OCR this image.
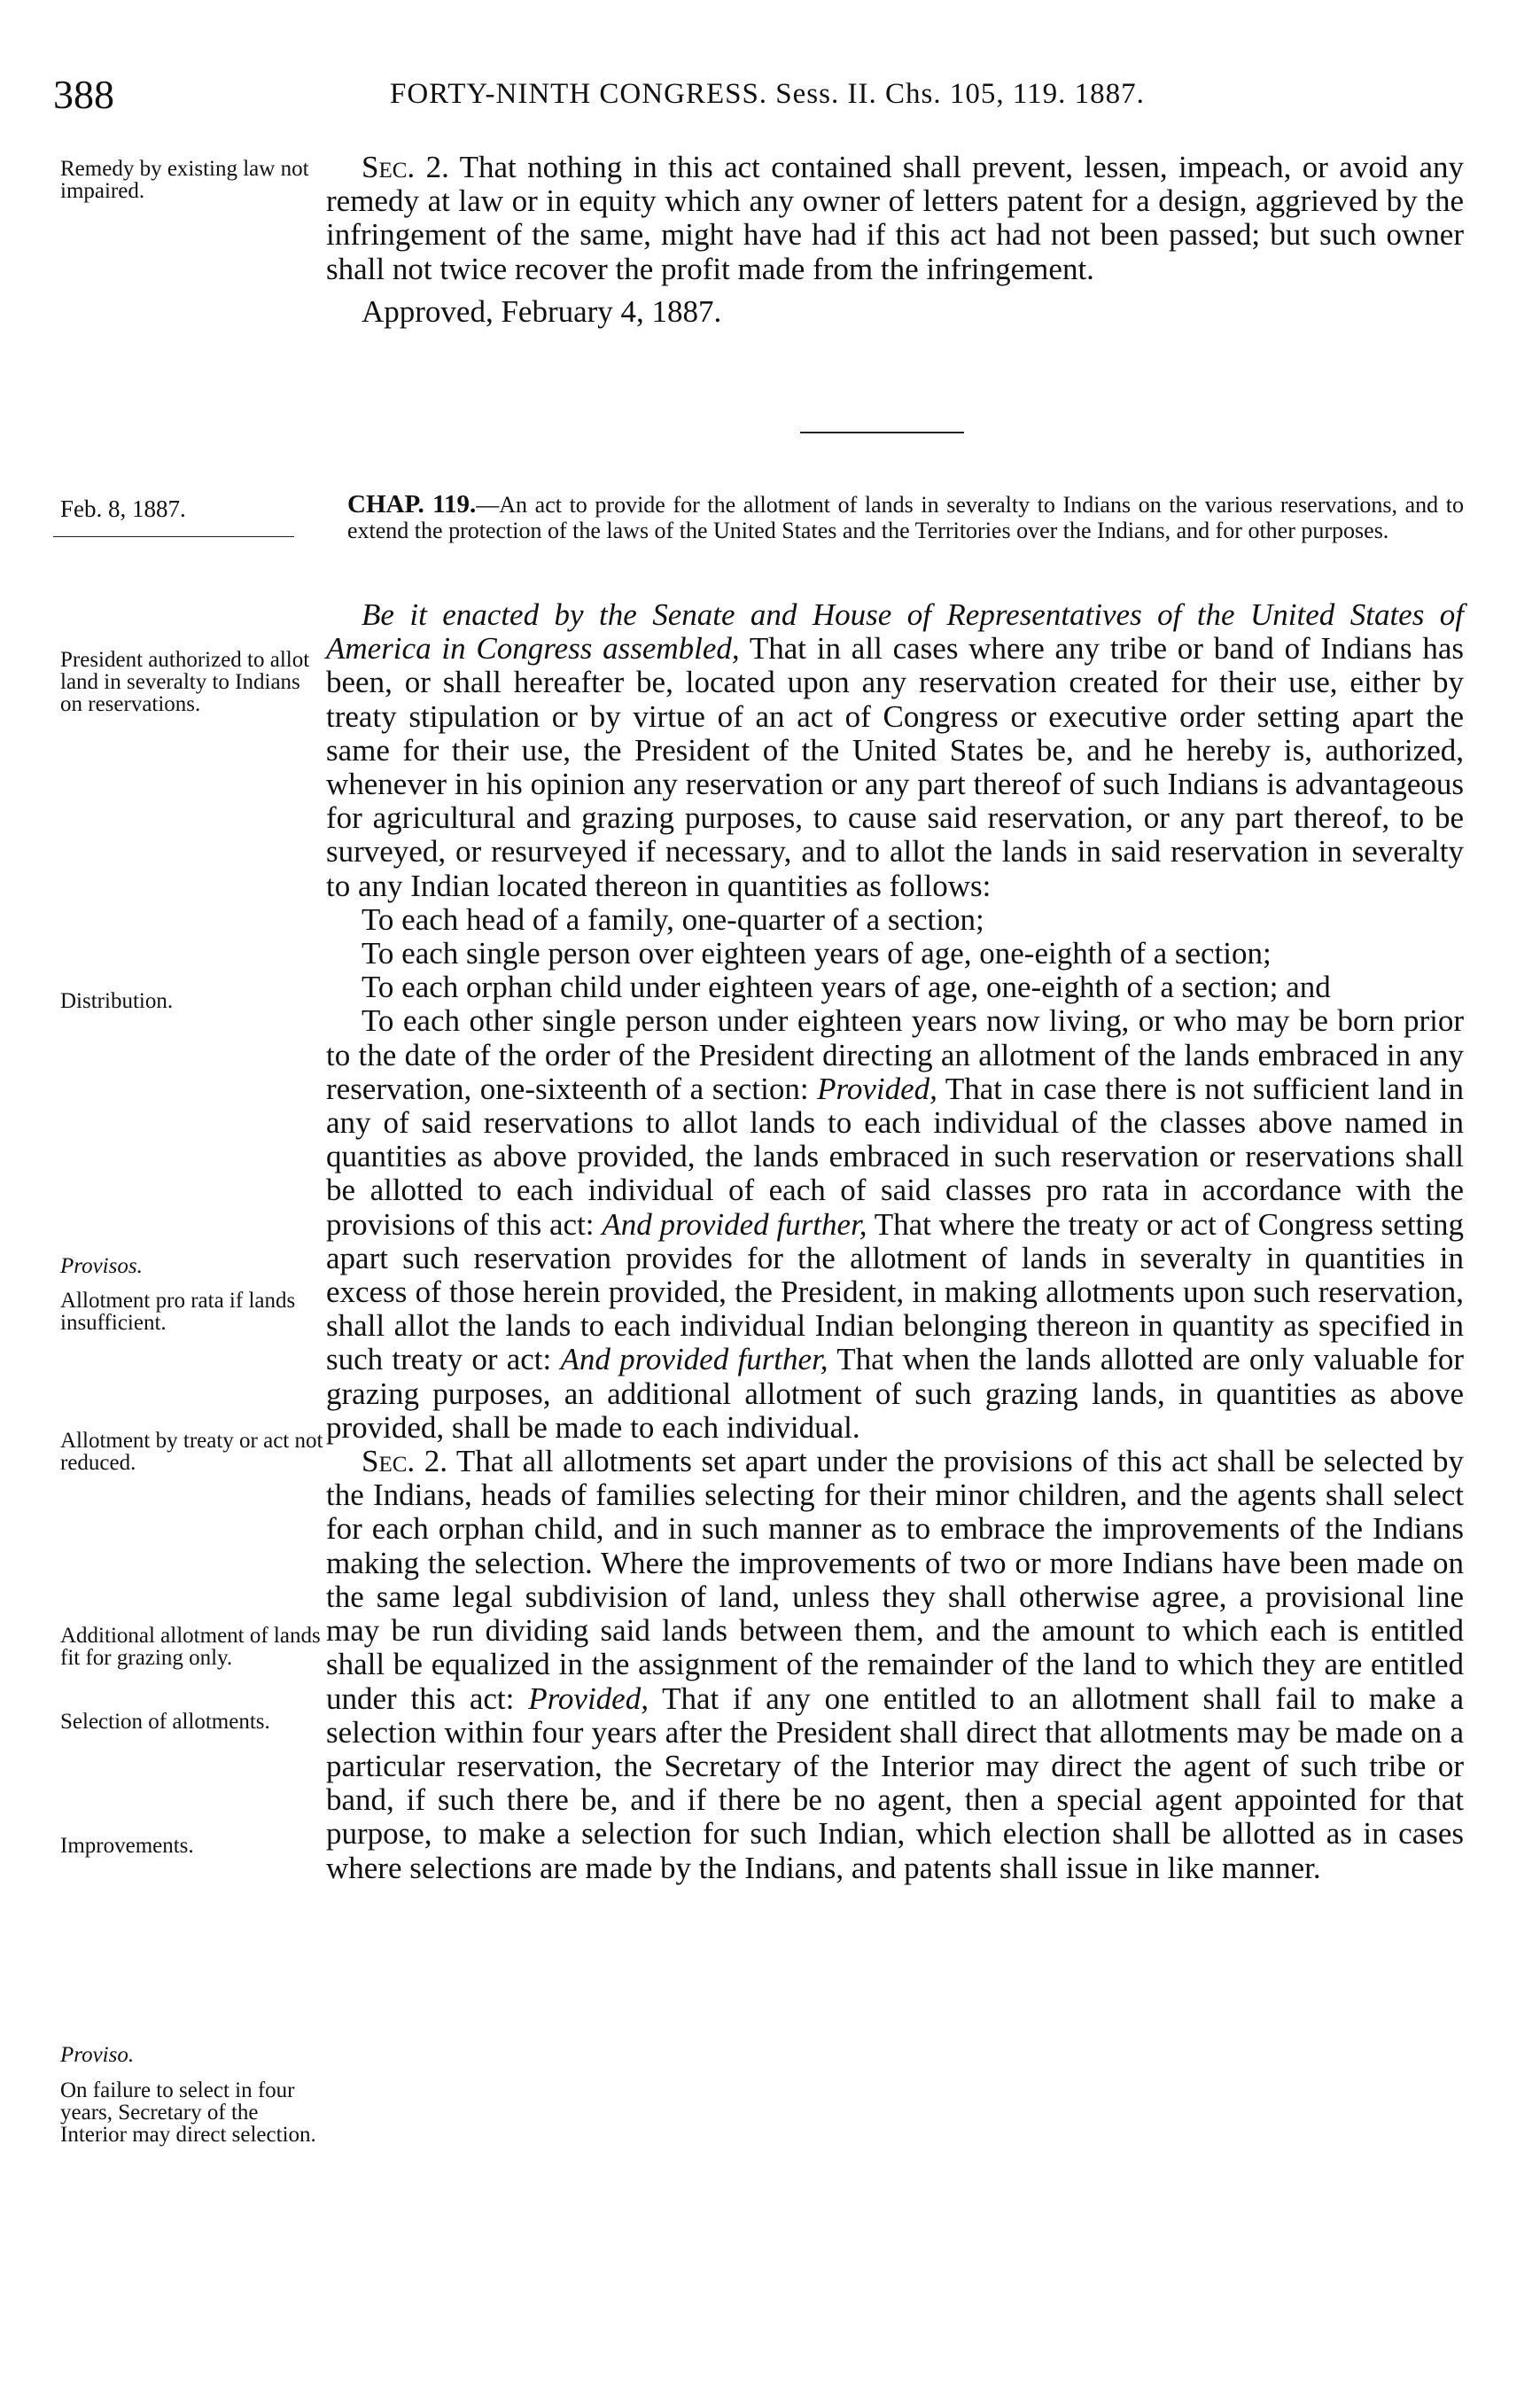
388	FORTY-NINTH CONGRESS. Sess. II. Chs. 105, 119. 1887.
Remedy by existing law not impaired.
Feb. 8, 1887.
President authorized to allot land in severalty to Indians on reservations.
Distribution.
Provisos.
Allotment pro rata if lands insufficient.
Allotment by treaty or act not reduced.
Additional allotment of lands fit for grazing only.
Selection of allotments.
Improvements.
Proviso.
On failure to select in four years, Secretary of the Interior may direct selection.

Sec. 2. That nothing in this act contained shall prevent, lessen, impeach, or avoid any remedy at law or in equity which any owner of letters patent for a design, aggrieved by the infringement of the same, might have had if this act had not been passed; but such owner shall not twice recover the profit made from the infringement.

Approved, February 4, 1887.

CHAP. 119.—An act to provide for the allotment of lands in severalty to Indians on the various reservations, and to extend the protection of the laws of the United States and the Territories over the Indians, and for other purposes.

Be it enacted by the Senate and House of Representatives of the United States of America in Congress assembled, That in all cases where any tribe or band of Indians has been, or shall hereafter be, located upon any reservation created for their use, either by treaty stipulation or by virtue of an act of Congress or executive order setting apart the same for their use, the President of the United States be, and he hereby is, authorized, whenever in his opinion any reservation or any part thereof of such Indians is advantageous for agricultural and grazing purposes, to cause said reservation, or any part thereof, to be surveyed, or resurveyed if necessary, and to allot the lands in said reservation in severalty to any Indian located thereon in quantities as follows:

To each head of a family, one-quarter of a section;

To each single person over eighteen years of age, one-eighth of a section;

To each orphan child under eighteen years of age, one-eighth of a section; and

To each other single person under eighteen years now living, or who may be born prior to the date of the order of the President directing an allotment of the lands embraced in any reservation, one-sixteenth of a section: Provided, That in case there is not sufficient land in any of said reservations to allot lands to each individual of the classes above named in quantities as above provided, the lands embraced in such reservation or reservations shall be allotted to each individual of each of said classes pro rata in accordance with the provisions of this act: And provided further, That where the treaty or act of Congress setting apart such reservation provides for the allotment of lands in severalty in quantities in excess of those herein provided, the President, in making allotments upon such reservation, shall allot the lands to each individual Indian belonging thereon in quantity as specified in such treaty or act: And provided further, That when the lands allotted are only valuable for grazing purposes, an additional allotment of such grazing lands, in quantities as above provided, shall be made to each individual.

Sec. 2. That all allotments set apart under the provisions of this act shall be selected by the Indians, heads of families selecting for their minor children, and the agents shall select for each orphan child, and in such manner as to embrace the improvements of the Indians making the selection. Where the improvements of two or more Indians have been made on the same legal subdivision of land, unless they shall otherwise agree, a provisional line may be run dividing said lands between them, and the amount to which each is entitled shall be equalized in the assignment of the remainder of the land to which they are entitled under this act: Provided, That if any one entitled to an allotment shall fail to make a selection within four years after the President shall direct that allotments may be made on a particular reservation, the Secretary of the Interior may direct the agent of such tribe or band, if such there be, and if there be no agent, then a special agent appointed for that purpose, to make a selection for such Indian, which election shall be allotted as in cases where selections are made by the Indians, and patents shall issue in like manner.
